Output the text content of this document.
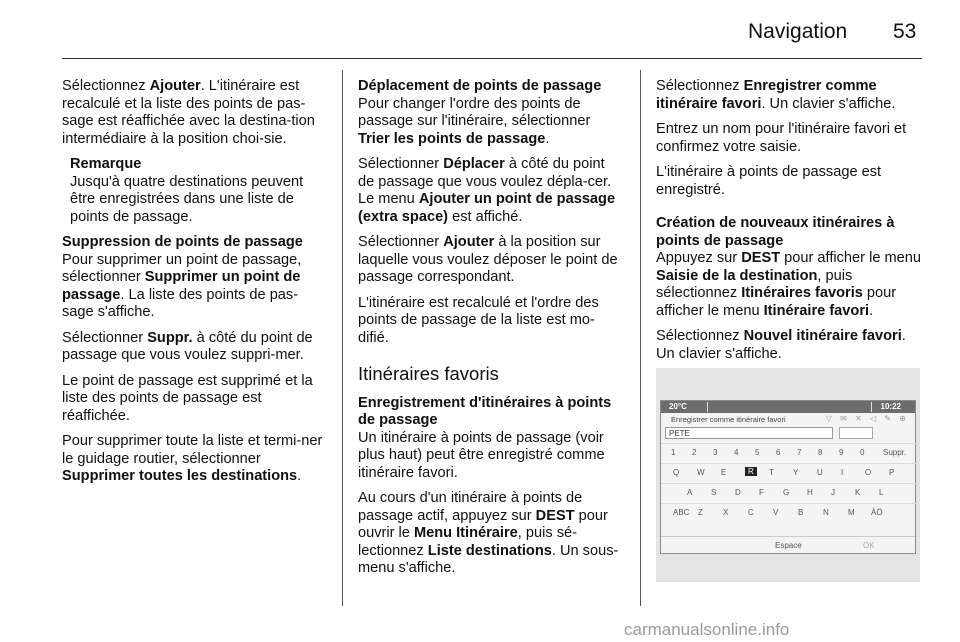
Navigation 53

Sélectionnez Ajouter. L'itinéraire est recalculé et la liste des points de pas-sage est réaffichée avec la destina-tion intermédiaire à la position choi-sie.

Remarque
Jusqu'à quatre destinations peuvent être enregistrées dans une liste de points de passage.
Suppression de points de passage

Pour supprimer un point de passage, sélectionner Supprimer un point de passage. La liste des points de pas-sage s'affiche.

Sélectionner Suppr. à côté du point de passage que vous voulez suppri-mer.

Le point de passage est supprimé et la liste des points de passage est réaffichée.

Pour supprimer toute la liste et termi-ner le guidage routier, sélectionner Supprimer toutes les destinations.

Déplacement de points de passage

Pour changer l'ordre des points de passage sur l'itinéraire, sélectionner Trier les points de passage.

Sélectionner Déplacer à côté du point de passage que vous voulez dépla-cer. Le menu Ajouter un point de passage (extra space) est affiché.

Sélectionner Ajouter à la position sur laquelle vous voulez déposer le point de passage correspondant.

L'itinéraire est recalculé et l'ordre des points de passage de la liste est mo-difié.

Itinéraires favoris
Enregistrement d'itinéraires à points de passage

Un itinéraire à points de passage (voir plus haut) peut être enregistré comme itinéraire favori.

Au cours d'un itinéraire à points de passage actif, appuyez sur DEST pour ouvrir le Menu Itinéraire, puis sé-lectionnez Liste destinations. Un sous-menu s'affiche.

Sélectionnez Enregistrer comme itinéraire favori. Un clavier s'affiche.

Entrez un nom pour l'itinéraire favori et confirmez votre saisie.

L'itinéraire à points de passage est enregistré.

Création de nouveaux itinéraires à points de passage

Appuyez sur DEST pour afficher le menu Saisie de la destination, puis sélectionnez Itinéraires favoris pour afficher le menu Itinéraire favori.

Sélectionnez Nouvel itinéraire favori. Un clavier s'affiche.

20°C	10:22
Enregistrer comme itinéraire favori	▽ ✉ ✕ ◁ ✎ ⊕
PETE
1 2 3 4 5 6 7 8 9 0 Suppr.
Q W E	R	T Y U I	O P
A S D F G H J	K L
ABC Z	X C V B N M ÀÖ
Espace	OK
carmanualsonline.info
